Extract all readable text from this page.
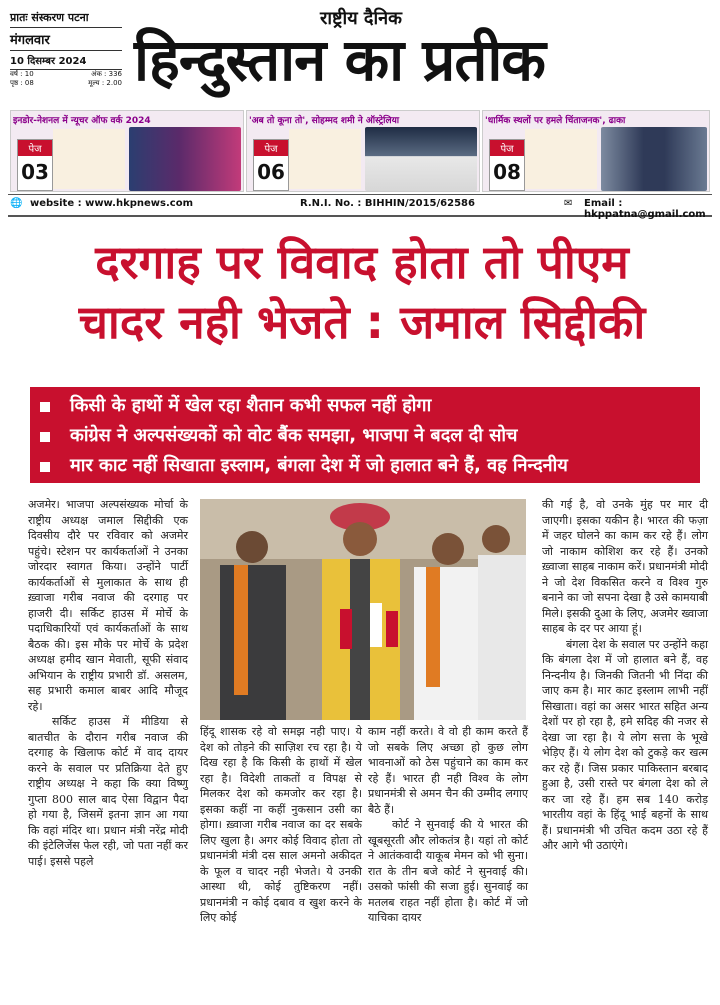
प्रातः संस्करण पटना
मंगलवार
10 दिसम्बर 2024
वर्ष : 10	अंक : 336
पृष्ठ : 08	मूल्य : 2.00
राष्ट्रीय दैनिक
हिन्दुस्तान का प्रतीक
इनडोर-नेशनल में न्यूचर ऑफ वर्क 2024
पेज
03
'अब तो कूना तो', सोहम्मद शमी ने ऑस्ट्रेलिया
पेज
06
'धार्मिक स्थलों पर हमले चिंताजनक', ढाका
पेज
08
🌐 website : www.hkpnews.com	R.N.I. No. : BIHHIN/2015/62586	✉ Email : hkppatna@gmail.com
दरगाह पर विवाद होता तो पीएम
चादर नही भेजते : जमाल सिद्दीकी
किसी के हाथों में खेल रहा शैतान कभी सफल नहीं होगा
कांग्रेस ने अल्पसंख्यकों को वोट बैंक समझा, भाजपा ने बदल दी सोच
मार काट नहीं सिखाता इस्लाम, बंगला देश में जो हालात बने हैं, वह निन्दनीय

अजमेर। भाजपा अल्पसंख्यक मोर्चा के राष्ट्रीय अध्यक्ष जमाल सिद्दीकी एक दिवसीय दौरे पर रविवार को अजमेर पहुंचे। स्टेशन पर कार्यकर्ताओं ने उनका जोरदार स्वागत किया। उन्होंने पार्टी कार्यकर्ताओं से मुलाकात के साथ ही ख़्वाजा गरीब नवाज की दरगाह पर हाजरी दी। सर्किट हाउस में मोर्चे के पदाधिकारियों एवं कार्यकर्ताओं के साथ बैठक की। इस मौके पर मोर्चे के प्रदेश अध्यक्ष हमीद खान मेवाती, सूफी संवाद अभियान के राष्ट्रीय प्रभारी डॉ. असलम, सह प्रभारी कमाल बाबर आदि मौजूद रहे।

सर्किट हाउस में मीडिया से बातचीत के दौरान गरीब नवाज की दरगाह के खिलाफ कोर्ट में वाद दायर करने के सवाल पर प्रतिक्रिया देते हुए राष्ट्रीय अध्यक्ष ने कहा कि क्या विष्णु गुप्ता 800 साल बाद ऐसा विद्वान पैदा हो गया है, जिसमें इतना ज्ञान आ गया कि वहां मंदिर था। प्रधान मंत्री नरेंद्र मोदी की इंटेलिजेंस फेल रही, जो पता नहीं कर पाई। इससे पहले

हिंदू शासक रहे वो समझ नही पाए। ये देश को तोड़ने की साज़िश रच रहा है। ये दिख रहा है कि किसी के हाथों में खेल रहा है। विदेशी ताकतों व विपक्ष से मिलकर देश को कमजोर कर रहा है। इसका कहीं ना कहीं नुकसान उसी का होगा। ख़्वाजा गरीब नवाज का दर सबके लिए खुला है। अगर कोई विवाद होता तो प्रधानमंत्री मंत्री दस साल अमनो अकीदत के फूल व चादर नही भेजते। ये उनकी आस्था थी, कोई तुष्टिकरण नहीं। प्रधानमंत्री न कोई दबाव व खुश करने के लिए कोई

काम नहीं करते। वे वो ही काम करते हैं जो सबके लिए अच्छा हो कुछ लोग भावनाओं को ठेस पहुंचाने का काम कर रहे हैं। भारत ही नही विश्व के लोग प्रधानमंत्री से अमन चैन की उम्मीद लगाए बैठे हैं।

कोर्ट ने सुनवाई की ये भारत की खूबसूरती और लोकतंत्र है। यहां तो कोर्ट ने आतंकवादी याकूब मेमन को भी सुना। रात के तीन बजे कोर्ट ने सुनवाई की। उसको फांसी की सजा हुई। सुनवाई का मतलब राहत नहीं होता है। कोर्ट में जो याचिका दायर

की गई है, वो उनके मुंह पर मार दी जाएगी। इसका यकीन है। भारत की फज़ा में जहर घोलने का काम कर रहे हैं। लोग जो नाकाम कोशिश कर रहे हैं। उनको ख़्वाजा साहब नाकाम करें। प्रधानमंत्री मोदी ने जो देश विकसित करने व विश्व गुरु बनाने का जो सपना देखा है उसे कामयाबी मिले। इसकी दुआ के लिए, अजमेर ख्वाजा साहब के दर पर आया हूं।

बंगला देश के सवाल पर उन्होंने कहा कि बंगला देश में जो हालात बने हैं, वह निन्दनीय है। जिनकी जितनी भी निंदा की जाए कम है। मार काट इस्लाम लाभी नहीं सिखाता। वहां का असर भारत सहित अन्य देशों पर हो रहा है, हमे सदिह की नजर से देखा जा रहा है। ये लोग सत्ता के भूखे भेड़िए हैं। ये लोग देश को टुकड़े कर खत्म कर रहे हैं। जिस प्रकार पाकिस्तान बरबाद हुआ है, उसी रास्ते पर बंगला देश को ले कर जा रहे हैं। हम सब 140 करोड़ भारतीय वहां के हिंदू भाई बहनों के साथ हैं। प्रधानमंत्री भी उचित कदम उठा रहे हैं और आगे भी उठाएंगे।
